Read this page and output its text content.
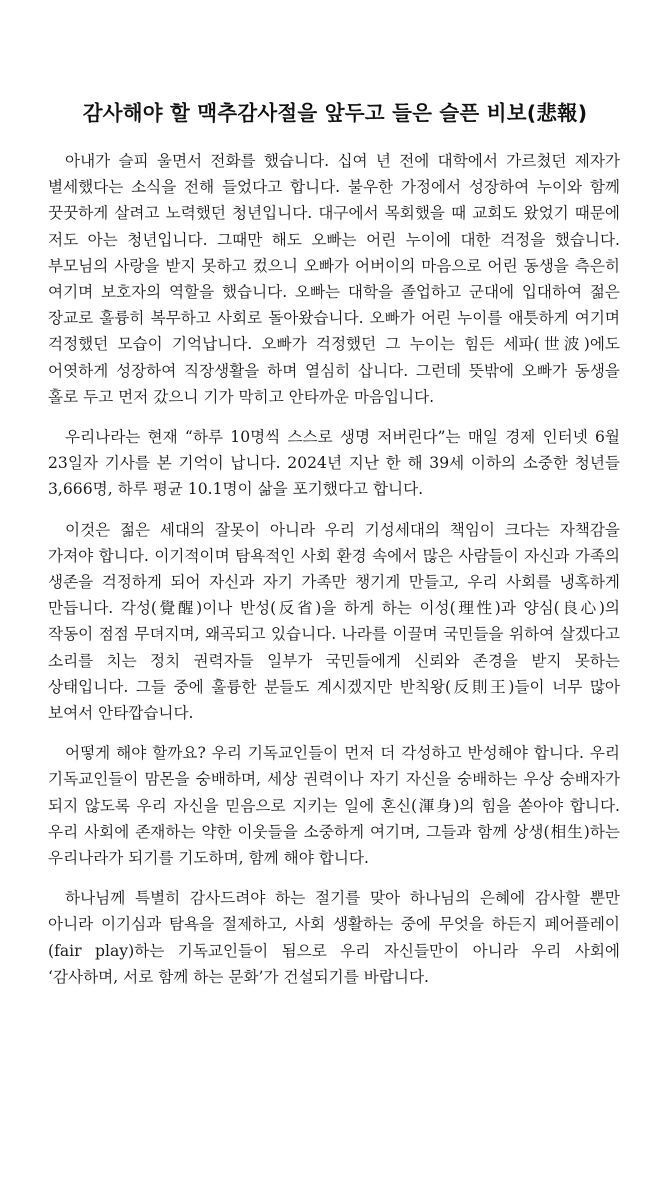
감사해야 할 맥추감사절을 앞두고 들은 슬픈 비보(悲報)

아내가 슬피 울면서 전화를 했습니다. 십여 년 전에 대학에서 가르쳤던 제자가 별세했다는 소식을 전해 들었다고 합니다. 불우한 가정에서 성장하여 누이와 함께 꿋꿋하게 살려고 노력했던 청년입니다. 대구에서 목회했을 때 교회도 왔었기 때문에 저도 아는 청년입니다. 그때만 해도 오빠는 어린 누이에 대한 걱정을 했습니다. 부모님의 사랑을 받지 못하고 컸으니 오빠가 어버이의 마음으로 어린 동생을 측은히 여기며 보호자의 역할을 했습니다. 오빠는 대학을 졸업하고 군대에 입대하여 젊은 장교로 훌륭히 복무하고 사회로 돌아왔습니다. 오빠가 어린 누이를 애틋하게 여기며 걱정했던 모습이 기억납니다. 오빠가 걱정했던 그 누이는 힘든 세파(世波)에도 어엿하게 성장하여 직장생활을 하며 열심히 삽니다. 그런데 뜻밖에 오빠가 동생을 홀로 두고 먼저 갔으니 기가 막히고 안타까운 마음입니다.

우리나라는 현재 “하루 10명씩 스스로 생명 저버린다”는 매일 경제 인터넷 6월 23일자 기사를 본 기억이 납니다. 2024년 지난 한 해 39세 이하의 소중한 청년들 3,666명, 하루 평균 10.1명이 삶을 포기했다고 합니다.

이것은 젊은 세대의 잘못이 아니라 우리 기성세대의 책임이 크다는 자책감을 가져야 합니다. 이기적이며 탐욕적인 사회 환경 속에서 많은 사람들이 자신과 가족의 생존을 걱정하게 되어 자신과 자기 가족만 챙기게 만들고, 우리 사회를 냉혹하게 만듭니다. 각성(覺醒)이나 반성(反省)을 하게 하는 이성(理性)과 양심(良心)의 작동이 점점 무뎌지며, 왜곡되고 있습니다. 나라를 이끌며 국민들을 위하여 살겠다고 소리를 치는 정치 권력자들 일부가 국민들에게 신뢰와 존경을 받지 못하는 상태입니다. 그들 중에 훌륭한 분들도 계시겠지만 반칙왕(反則王)들이 너무 많아 보여서 안타깝습니다.

어떻게 해야 할까요? 우리 기독교인들이 먼저 더 각성하고 반성해야 합니다. 우리 기독교인들이 맘몬을 숭배하며, 세상 권력이나 자기 자신을 숭배하는 우상 숭배자가 되지 않도록 우리 자신을 믿음으로 지키는 일에 혼신(渾身)의 힘을 쏟아야 합니다. 우리 사회에 존재하는 약한 이웃들을 소중하게 여기며, 그들과 함께 상생(相生)하는 우리나라가 되기를 기도하며, 함께 해야 합니다.

하나님께 특별히 감사드려야 하는 절기를 맞아 하나님의 은혜에 감사할 뿐만 아니라 이기심과 탐욕을 절제하고, 사회 생활하는 중에 무엇을 하든지 페어플레이(fair play)하는 기독교인들이 됨으로 우리 자신들만이 아니라 우리 사회에 ‘감사하며, 서로 함께 하는 문화’가 건설되기를 바랍니다.
